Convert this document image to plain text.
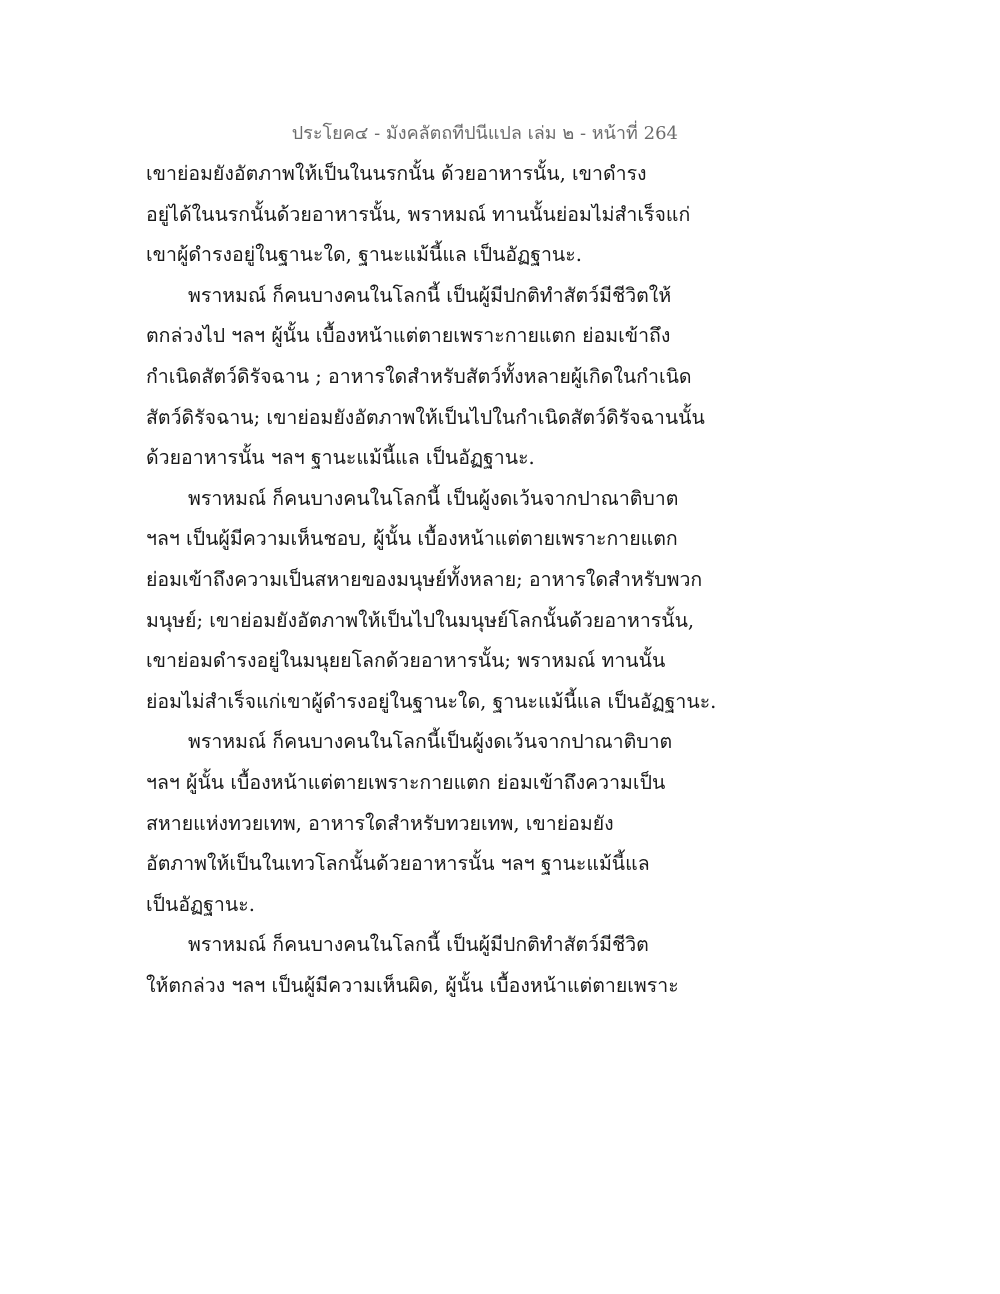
ประโยค๔ - มังคลัตถทีปนีแปล เล่ม ๒ - หน้าที่ 264
เขาย่อมยังอัตภาพให้เป็นในนรกนั้น ด้วยอาหารนั้น, เขาดำรง
อยู่ได้ในนรกนั้นด้วยอาหารนั้น, พราหมณ์ ทานนั้นย่อมไม่สำเร็จแก่
เขาผู้ดำรงอยู่ในฐานะใด, ฐานะแม้นี้แล เป็นอัฏฐานะ.
พราหมณ์ ก็คนบางคนในโลกนี้ เป็นผู้มีปกติทำสัตว์มีชีวิตให้
ตกล่วงไป ฯลฯ ผู้นั้น เบื้องหน้าแต่ตายเพราะกายแตก ย่อมเข้าถึง
กำเนิดสัตว์ดิรัจฉาน ; อาหารใดสำหรับสัตว์ทั้งหลายผู้เกิดในกำเนิด
สัตว์ดิรัจฉาน; เขาย่อมยังอัตภาพให้เป็นไปในกำเนิดสัตว์ดิรัจฉานนั้น
ด้วยอาหารนั้น ฯลฯ ฐานะแม้นี้แล เป็นอัฏฐานะ.
พราหมณ์ ก็คนบางคนในโลกนี้ เป็นผู้งดเว้นจากปาณาติบาต
ฯลฯ เป็นผู้มีความเห็นชอบ, ผู้นั้น เบื้องหน้าแต่ตายเพราะกายแตก
ย่อมเข้าถึงความเป็นสหายของมนุษย์ทั้งหลาย; อาหารใดสำหรับพวก
มนุษย์; เขาย่อมยังอัตภาพให้เป็นไปในมนุษย์โลกนั้นด้วยอาหารนั้น,
เขาย่อมดำรงอยู่ในมนุยยโลกด้วยอาหารนั้น; พราหมณ์ ทานนั้น
ย่อมไม่สำเร็จแก่เขาผู้ดำรงอยู่ในฐานะใด, ฐานะแม้นี้แล เป็นอัฏฐานะ.
พราหมณ์ ก็คนบางคนในโลกนี้เป็นผู้งดเว้นจากปาณาติบาต
ฯลฯ ผู้นั้น เบื้องหน้าแต่ตายเพราะกายแตก ย่อมเข้าถึงความเป็น
สหายแห่งทวยเทพ, อาหารใดสำหรับทวยเทพ, เขาย่อมยัง
อัตภาพให้เป็นในเทวโลกนั้นด้วยอาหารนั้น ฯลฯ ฐานะแม้นี้แล
เป็นอัฏฐานะ.
พราหมณ์ ก็คนบางคนในโลกนี้ เป็นผู้มีปกติทำสัตว์มีชีวิต
ให้ตกล่วง ฯลฯ เป็นผู้มีความเห็นผิด, ผู้นั้น เบื้องหน้าแต่ตายเพราะ
